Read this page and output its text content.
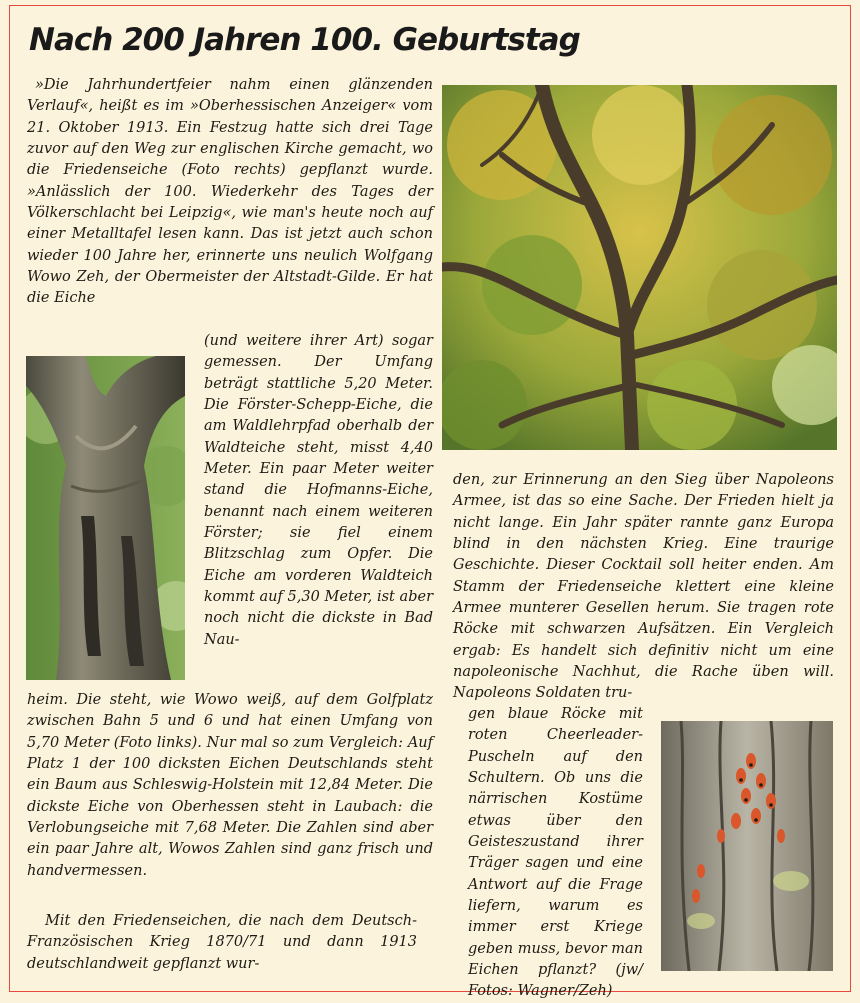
Nach 200 Jahren 100. Geburtstag

»Die Jahrhundertfeier nahm einen glänzenden Verlauf«, heißt es im »Oberhessischen Anzeiger« vom 21. Oktober 1913. Ein Festzug hatte sich drei Tage zuvor auf den Weg zur englischen Kirche gemacht, wo die Friedenseiche (Foto rechts) gepflanzt wurde. »Anlässlich der 100. Wiederkehr des Tages der Völkerschlacht bei Leipzig«, wie man's heute noch auf einer Metalltafel lesen kann. Das ist jetzt auch schon wieder 100 Jahre her, erinnerte uns neulich Wolfgang Wowo Zeh, der Obermeister der Altstadt-Gilde. Er hat die Eiche

(und weitere ihrer Art) sogar gemessen. Der Umfang beträgt stattliche 5,20 Meter. Die Förster-Schepp-Eiche, die am Waldlehrpfad oberhalb der Waldteiche steht, misst 4,40 Meter. Ein paar Meter weiter stand die Hofmanns-Eiche, benannt nach einem weiteren Förster; sie fiel einem Blitzschlag zum Opfer. Die Eiche am vorderen Waldteich kommt auf 5,30 Meter, ist aber noch nicht die dickste in Bad Nau-

heim. Die steht, wie Wowo weiß, auf dem Golfplatz zwischen Bahn 5 und 6 und hat einen Umfang von 5,70 Meter (Foto links). Nur mal so zum Vergleich: Auf Platz 1 der 100 dicksten Eichen Deutschlands steht ein Baum aus Schleswig-Holstein mit 12,84 Meter. Die dickste Eiche von Oberhessen steht in Laubach: die Verlobungseiche mit 7,68 Meter. Die Zahlen sind aber ein paar Jahre alt, Wowos Zahlen sind ganz frisch und handvermessen.

Mit den Friedenseichen, die nach dem Deutsch-Französischen Krieg 1870/71 und dann 1913 deutschlandweit gepflanzt wur-

den, zur Erinnerung an den Sieg über Napoleons Armee, ist das so eine Sache. Der Frieden hielt ja nicht lange. Ein Jahr später rannte ganz Europa blind in den nächsten Krieg. Eine traurige Geschichte. Dieser Cocktail soll heiter enden. Am Stamm der Friedenseiche klettert eine kleine Armee munterer Gesellen herum. Sie tragen rote Röcke mit schwarzen Aufsätzen. Ein Vergleich ergab: Es handelt sich definitiv nicht um eine napoleonische Nachhut, die Rache üben will. Napoleons Soldaten tru-

gen blaue Röcke mit roten Cheerleader-Puscheln auf den Schultern. Ob uns die närrischen Kostüme etwas über den Geisteszustand ihrer Träger sagen und eine Antwort auf die Frage liefern, warum es immer erst Kriege geben muss, bevor man Eichen pflanzt? (jw/ Fotos: Wagner/Zeh)
